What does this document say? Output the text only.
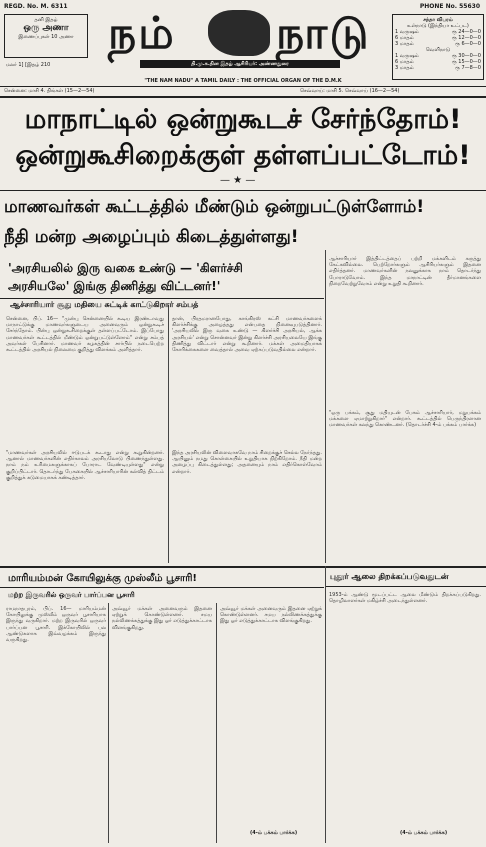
REGD. No. M. 6311	PHONE No. 55630
தனி இதழ்
ஒரு அணா
இணைப்புகள் 10 அணா
மலர் 1] [இதழ் 210
நம் நாடு
தி.மு.க.தின இதழ் ஆசிரியர்: அண்ணதுரை
சந்தா விபரம்
உள்நாடு (இந்தியா உட்பட)
1 வருஷம்	ரூ 24—0—0
6 மாதம்	ரூ 12—0—0
3 மாதம்	ரூ 6—0—0
வெளிநாடு
1 வருஷம்	ரூ 30—0—0
6 மாதம்	ரூ 15—0—0
3 மாதம்	ரூ 7—8—0
"THE NAM NADU" A TAMIL DAILY : THE OFFICIAL ORGAN OF THE D.M.K
சென்னை: மாசி 4. திங்கள் (15—2—54)	செவ்வாய்: மாசி 5. செவ்வாய் (16—2—54)
மாநாட்டில் ஒன்றுகூடச் சேர்ந்தோம்!
ஒன்றுகூசிறைக்குள் தள்ளப்பட்டோம்!
— ★ —
மாணவர்கள் கூட்டத்தில் மீண்டும் ஒன்றுபட்டுள்ளோம்!
நீதி மன்ற அழைப்பும் கிடைத்துள்ளது!
'அரசியலில் இரு வகை உண்டு — 'கிளர்ச்சி
அரசியலே' இங்கு திணித்து விட்டனர்!'
ஆச்சாரியார் சூது மதியை சுட்டிக் காட்டுகிறார் சம்பத்
சென்னை, பிப். 16— "முன்பு சென்னையில் கூடிய இரண்டாவது மாநாட்டுக்கு மாணவர்களுடைய அனைவரும் ஒன்றுகூடிச் சேர்ந்தோம். பின்பு ஒன்றுகூசிறைக்குள் தள்ளப்பட்டோம். இப்போது மாணவர்கள் கூட்டத்தில் மீண்டும் ஒன்றுபட்டுள்ளோம்" என்று சம்பத் அவர்கள் பேசினார். மாணவர் கழகத்தின் சார்பில் நடைபெற்ற கூட்டத்தில் அரசியல் நிலைமை குறித்து விளக்கம் அளித்தார்.
"மாணவர்கள் அரசியலில் ஈடுபடக் கூடாது என்று கூறுகின்றனர். ஆனால் மாணவர்களின் எதிர்காலம் அரசியலோடு பிணைந்துள்ளது. நாம் நம் உரிமைகளுக்காகப் போராட வேண்டியுள்ளது" என்று குறிப்பிட்டார். தொடர்ந்து பேசுகையில் ஆச்சாரியாரின் கல்வித் திட்டம் குறித்துக் கடுமையாகக் கண்டித்தார்.
தான், பிரதமரானபோது, காங்கிரஸ் கட்சி மாணவர்களைக் கிளர்ச்சிக்கு அழைத்தது என்பதை நினைவுபடுத்தினார். 'அரசியலில் இரு வகை உண்டு — கிளர்ச்சி அரசியல், ஆக்க அரசியல்' என்று சொன்னவர் இன்று கிளர்ச்சி அரசியலையே இங்கு திணித்து விட்டார் என்று கூறினார். மக்கள் அமைதியாகக் கோரிக்கைகளை வைத்தால் அவை ஏற்கப்படுவதில்லை என்றார்.
இந்த அரசியலின் விளைவாகவே நாம் சிறைக்குச் செல்ல நேர்ந்தது. ஆயினும் நமது கொள்கையில் உறுதியாக நிற்கிறோம். நீதி மன்ற அழைப்பு கிடைத்துள்ளது; அதனையும் நாம் எதிர்கொள்வோம் என்றார்.
ஆச்சாரியார் இத்திட்டத்தைப் பற்றி மக்களிடம் கருத்து கேட்கவில்லை. பெற்றோர்களும் ஆசிரியர்களும் இதனை எதிர்த்தனர். மாணவர்களின் நலனுக்காக நாம் தொடர்ந்து போராடுவோம். இந்த மாநாட்டின் தீர்மானங்களை நிறைவேற்றுவோம் என்று உறுதி கூறினார்.
"ஒரு பக்கம், சூது மதியுடன் பேசும் ஆச்சாரியார், மறுபக்கம் மக்களை ஏமாற்றுகிறார்" என்றார். கூட்டத்தில் பெருந்திரளான மாணவர்கள் கலந்து கொண்டனர். (தொடர்ச்சி 4-ம் பக்கம் பார்க்க)
மாரியம்மன் கோயிலுக்கு முஸ்லீம் பூசாரி!
மற்ற இருவரில் ஒருவர் பார்ப்பன பூசாரி
ராமநாதபுரம், பிப். 16— மாரியம்மன் கோயிலுக்கு முஸ்லீம் ஒருவர் பூசாரியாக இருந்து வருகிறார். மற்ற இருவரில் ஒருவர் பார்ப்பன பூசாரி. இக்கோயிலில் பல ஆண்டுகளாக இவ்வழக்கம் இருந்து வருகிறது.
அவ்வூர் மக்கள் அனைவரும் இதனை ஏற்றுக் கொண்டுள்ளனர். சமய நல்லிணக்கத்துக்கு இது ஓர் எடுத்துக்காட்டாக விளங்குகிறது.
அவ்வூர் மக்கள் அனைவரும் இதனை ஏற்றுக் கொண்டுள்ளனர். சமய நல்லிணக்கத்துக்கு இது ஓர் எடுத்துக்காட்டாக விளங்குகிறது.
(4-ம் பக்கம் பார்க்க)
புதூர் ஆலை திறக்கப்படுவதுடன்
1953-ம் ஆண்டு மூடப்பட்ட ஆலை மீண்டும் திறக்கப்படுகிறது. தொழிலாளர்கள் மகிழ்ச்சி அடைந்துள்ளனர்.
(4-ம் பக்கம் பார்க்க)
